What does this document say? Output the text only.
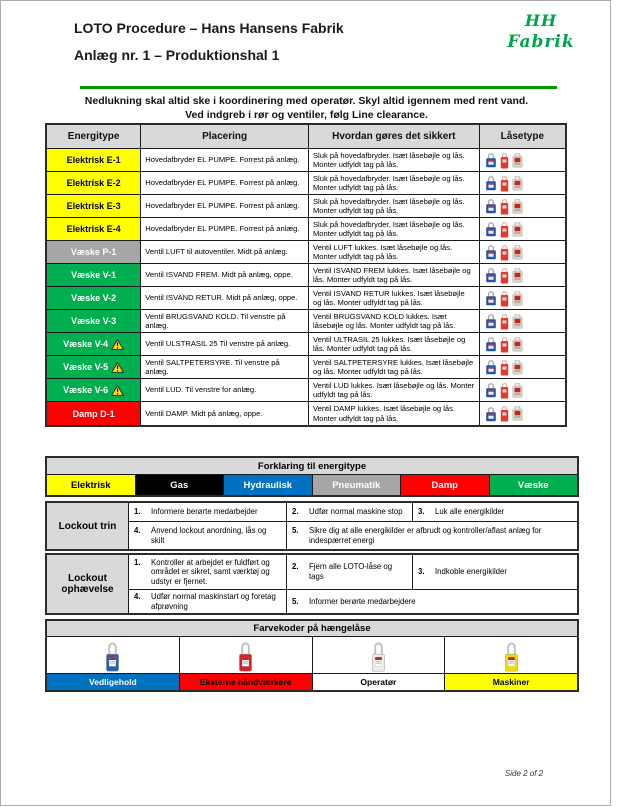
LOTO Procedure – Hans Hansens Fabrik
Anlæg nr. 1 – Produktionshal 1
HH
Fabrik
Nedlukning skal altid ske i koordinering med operatør. Skyl altid igennem med rent vand.
Ved indgreb i rør og ventiler, følg Line clearance.
Energitype	Placering	Hvordan gøres det sikkert	Låsetype
Elektrisk E-1	Hovedafbryder EL PUMPE. Forrest på anlæg.
Sluk på hovedafbryder. Isæt låsebøjle og lås. Monter udfyldt tag på lås.
Elektrisk E-2	Hovedafbryder EL PUMPE. Forrest på anlæg.
Sluk på hovedafbryder. Isæt låsebøjle og lås. Monter udfyldt tag på lås.
Elektrisk E-3	Hovedafbryder EL PUMPE. Forrest på anlæg.
Sluk på hovedafbryder. Isæt låsebøjle og lås. Monter udfyldt tag på lås.
Elektrisk E-4	Hovedafbryder EL PUMPE. Forrest på anlæg.
Sluk på hovedafbryder. Isæt låsebøjle og lås. Monter udfyldt tag på lås.
Væske P-1	Ventil LUFT til autoventiler. Midt på anlæg.
Ventil LUFT lukkes. Isæt låsebøjle og lås. Monter udfyldt tag på lås.
Væske V-1	Ventil ISVAND FREM. Midt på anlæg, oppe.
Ventil ISVAND FREM lukkes. Isæt låsebøjle og lås. Monter udfyldt tag på lås.
Væske V-2	Ventil ISVAND RETUR. Midt på anlæg, oppe.
Ventil ISVAND RETUR lukkes. Isæt låsebøjle og lås. Monter udfyldt tag på lås.
Væske V-3	Ventil BRUGSVAND KOLD. Til venstre på anlæg.
Ventil BRUGSVAND KOLD lukkes. Isæt låsebøjle og lås. Monter udfyldt tag på lås.
Væske V-4	Ventil ULSTRASIL 25 Til venstre på anlæg.
Ventil ULTRASIL 25 lukkes. Isæt låsebøjle og lås. Monter udfyldt tag på lås.
Væske V-5	Ventil SALTPETERSYRE. Til venstre på anlæg.
Ventil SALTPETERSYRE lukkes. Isæt låsebøjle og lås. Monter udfyldt tag på lås.
Væske V-6	Ventil LUD. Til venstre for anlæg.
Ventil LUD lukkes. Isæt låsebøjle og lås. Monter udfyldt tag på lås.
Damp D-1	Ventil DAMP. Midt på anlæg, oppe.
Ventil DAMP lukkes. Isæt låsebøjle og lås. Monter udfyldt tag på lås.
Forklaring til energitype
Elektrisk	Gas	Hydraulisk	Pneumatik	Damp	Væske
Lockout trin
1.	Informere berørte medarbejder	2.	Udfør normal maskine stop	3.	Luk alle energikilder
4.	Anvend lockout anordning, lås og skilt
5.	Sikre dig at alle energikilder er afbrudt og kontroller/aflast anlæg for indespærret energi
Lockout ophævelse
1.	Kontroller at arbejdet er fuldført og området er sikret, samt værktøj og udstyr er fjernet.
2.	Fjern alle LOTO-låse og tags
3.	Indkoble energikilder
4.	Udfør normal maskinstart og foretag afprøvning
5.	Informer berørte medarbejdere
Farvekoder på hængelåse
Vedligehold	Eksterne håndværkere	Operatør	Maskiner
Side 2 of 2
